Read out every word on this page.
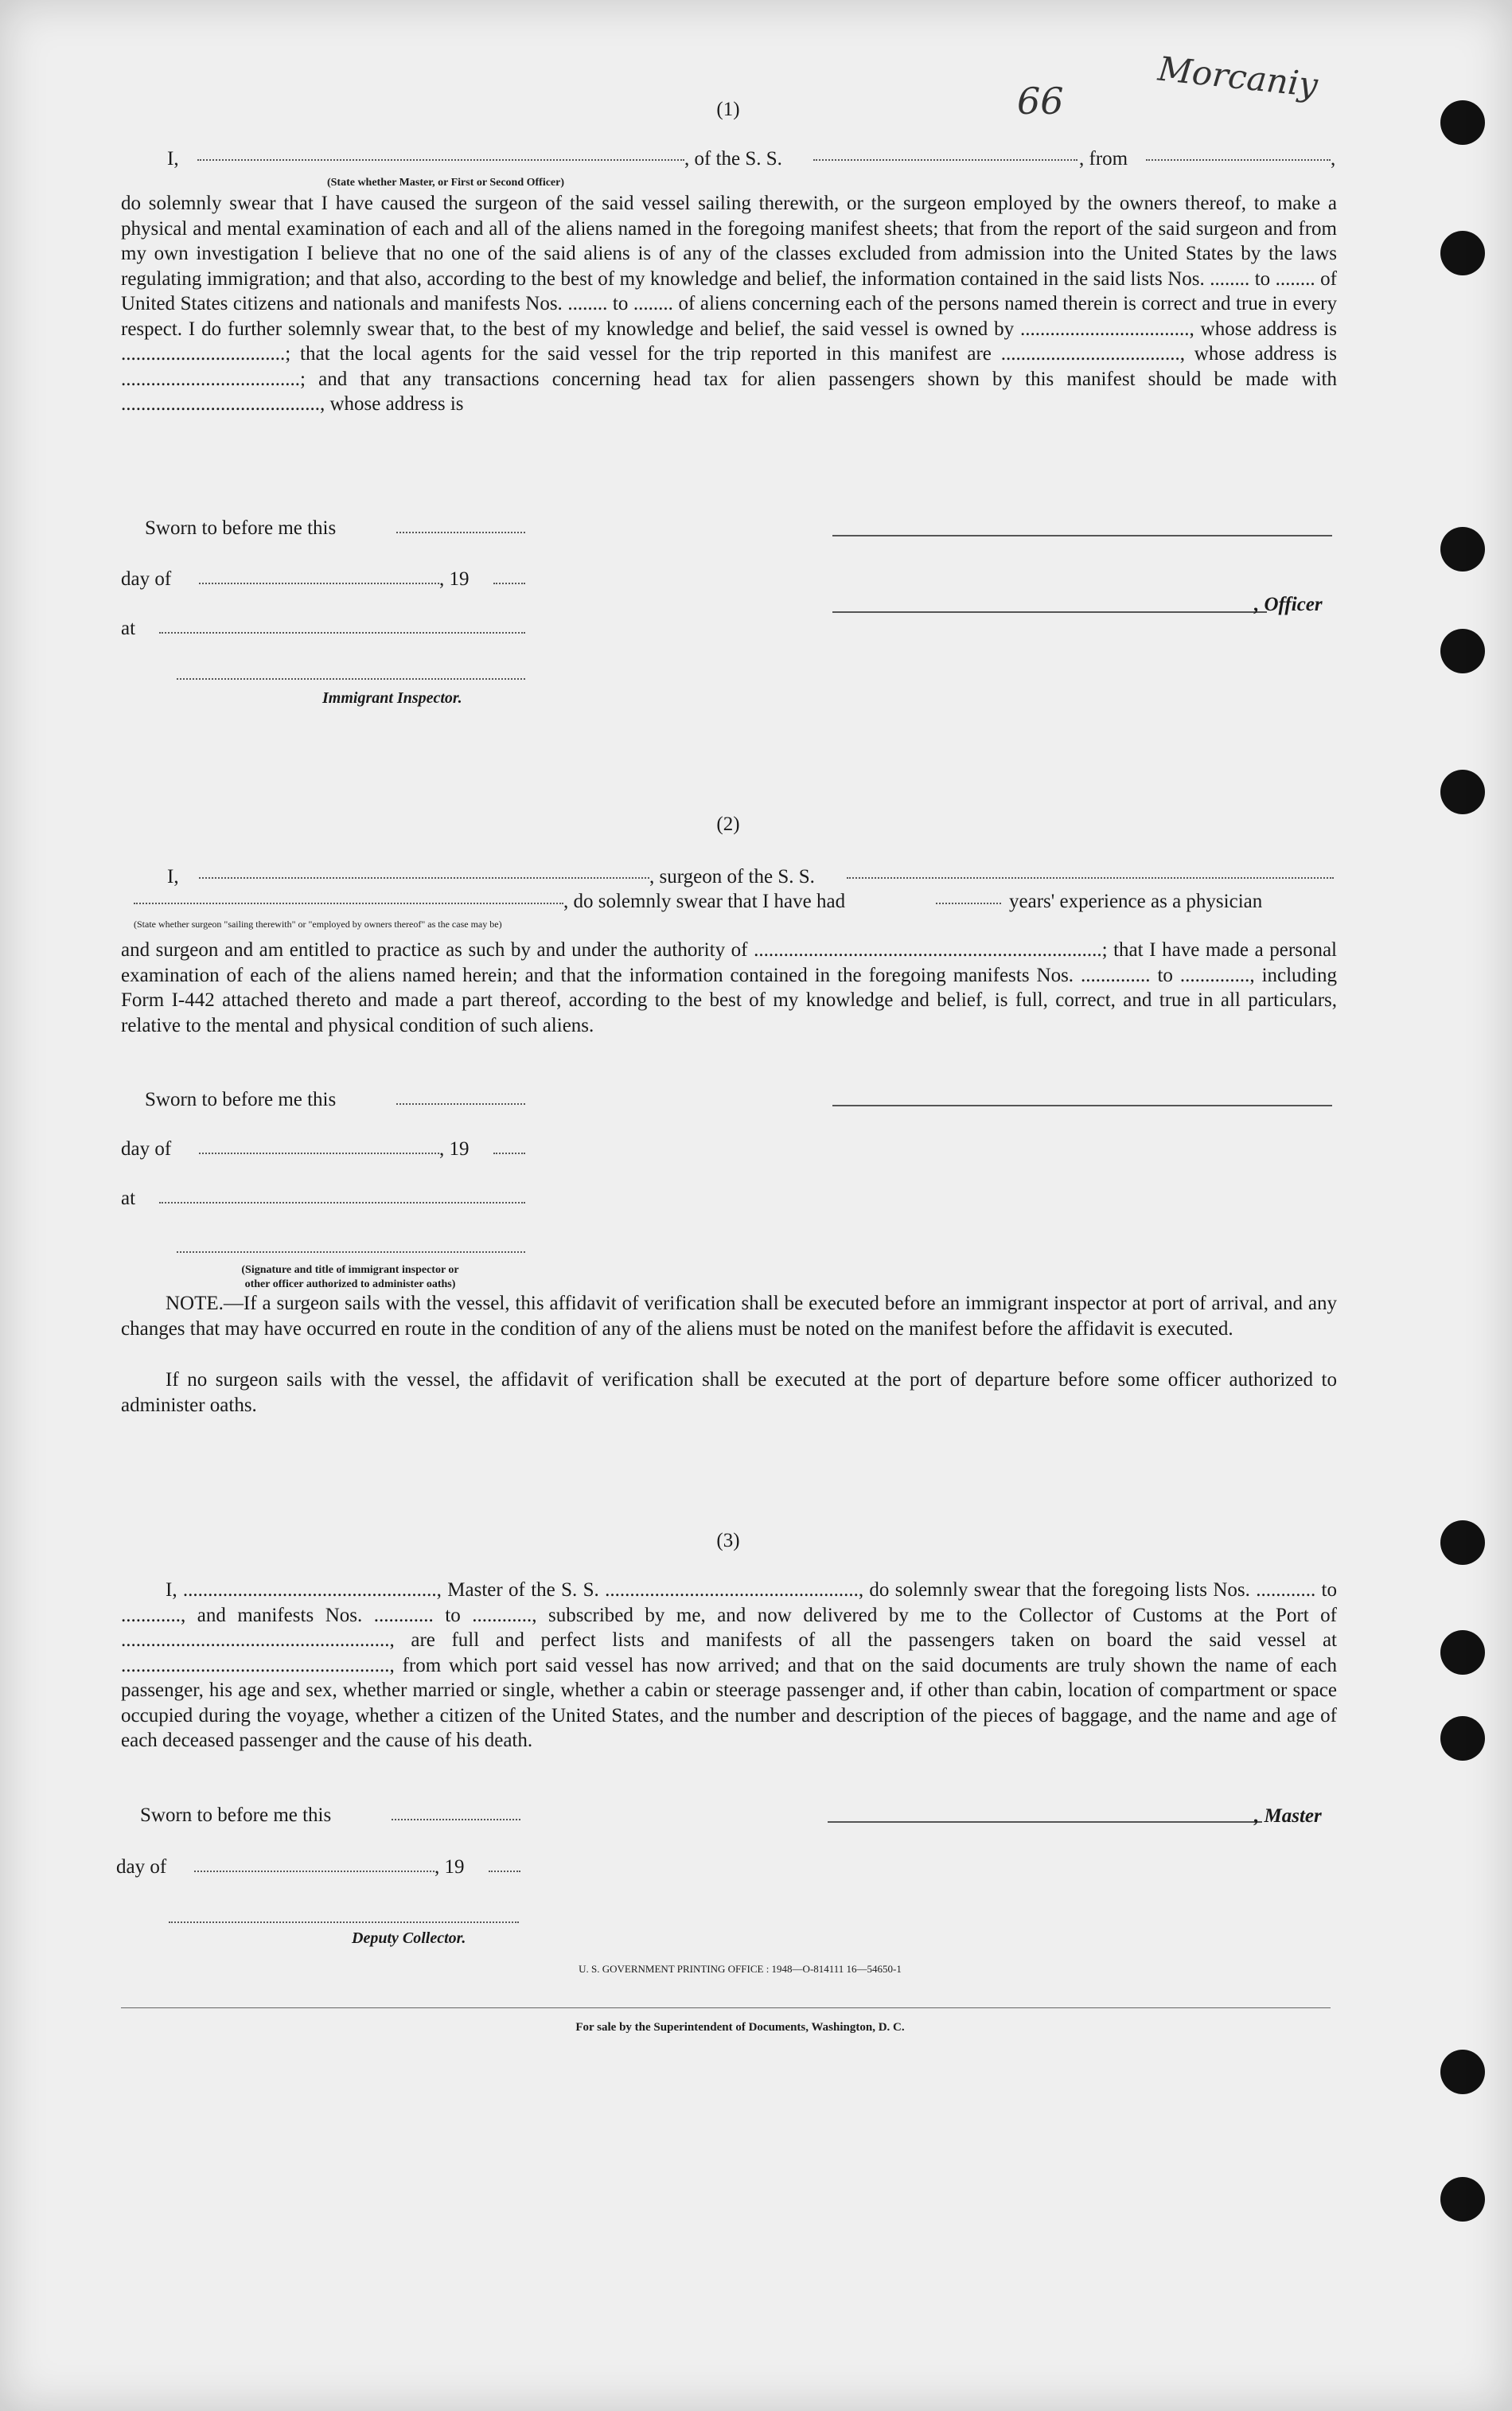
66	Morcaniy
(1)
I,	, of the S. S.	, from	,
(State whether Master, or First or Second Officer)
do solemnly swear that I have caused the surgeon of the said vessel sailing therewith, or the surgeon employed by the owners thereof, to make a physical and mental examination of each and all of the aliens named in the foregoing manifest sheets; that from the report of the said surgeon and from my own investigation I believe that no one of the said aliens is of any of the classes excluded from admission into the United States by the laws regulating immigration; and that also, according to the best of my knowledge and belief, the information contained in the said lists Nos. ........ to ........ of United States citizens and nationals and manifests Nos. ........ to ........ of aliens concerning each of the persons named therein is correct and true in every respect. I do further solemnly swear that, to the best of my knowledge and belief, the said vessel is owned by .................................., whose address is .................................; that the local agents for the said vessel for the trip reported in this manifest are ...................................., whose address is ....................................; and that any transactions concerning head tax for alien passengers shown by this manifest should be made with ........................................, whose address is
Sworn to before me this
day of	, 19
, Officer
at
Immigrant Inspector.
(2)
I,	, surgeon of the S. S.
, do solemnly swear that I have had	years' experience as a physician
(State whether surgeon "sailing therewith" or "employed by owners thereof" as the case may be)
and surgeon and am entitled to practice as such by and under the authority of ......................................................................; that I have made a personal examination of each of the aliens named herein; and that the information contained in the foregoing manifests Nos. .............. to .............., including Form I-442 attached thereto and made a part thereof, according to the best of my knowledge and belief, is full, correct, and true in all particulars, relative to the mental and physical condition of such aliens.
Sworn to before me this
day of	, 19
at
(Signature and title of immigrant inspector or
other officer authorized to administer oaths)
NOTE.—If a surgeon sails with the vessel, this affidavit of verification shall be executed before an immigrant inspector at port of arrival, and any changes that may have occurred en route in the condition of any of the aliens must be noted on the manifest before the affidavit is executed.
If no surgeon sails with the vessel, the affidavit of verification shall be executed at the port of departure before some officer authorized to administer oaths.
(3)
I, ..................................................., Master of the S. S. ..................................................., do solemnly swear that the foregoing lists Nos. ............ to ............, and manifests Nos. ............ to ............, subscribed by me, and now delivered by me to the Collector of Customs at the Port of ......................................................, are full and perfect lists and manifests of all the passengers taken on board the said vessel at ......................................................, from which port said vessel has now arrived; and that on the said documents are truly shown the name of each passenger, his age and sex, whether married or single, whether a cabin or steerage passenger and, if other than cabin, location of compartment or space occupied during the voyage, whether a citizen of the United States, and the number and description of the pieces of baggage, and the name and age of each deceased passenger and the cause of his death.
Sworn to before me this	, Master
day of	, 19
Deputy Collector.
U. S. GOVERNMENT PRINTING OFFICE : 1948—O-814111 16—54650-1
For sale by the Superintendent of Documents, Washington, D. C.
